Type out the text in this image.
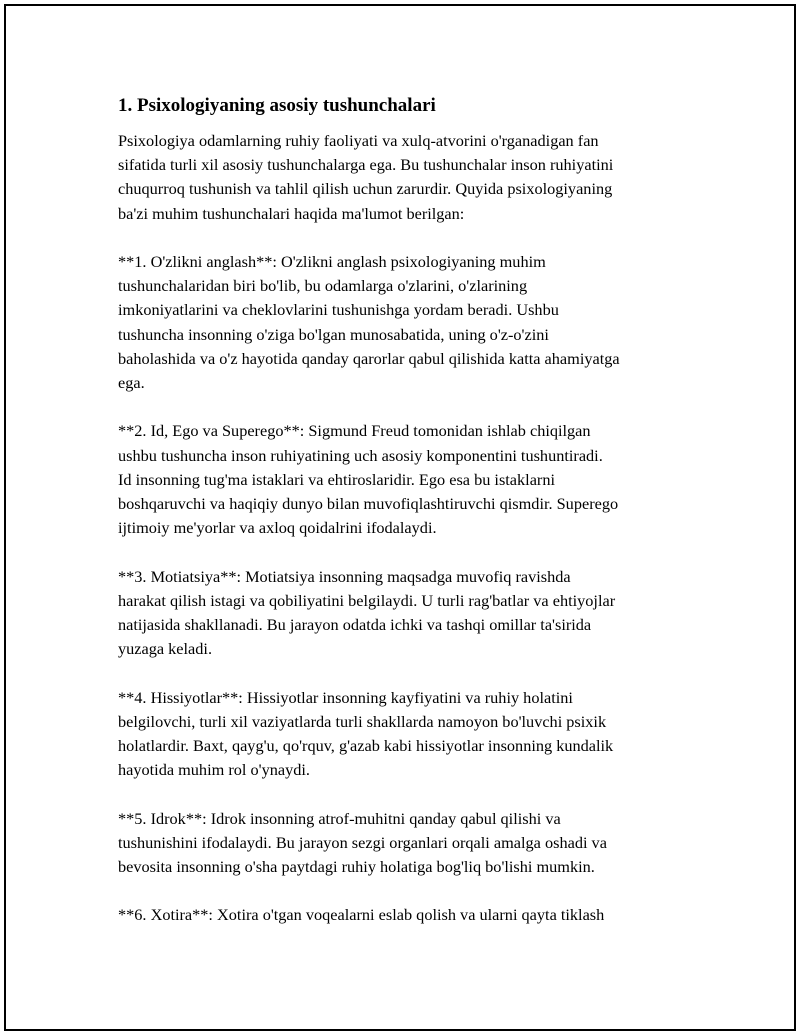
1. Psixologiyaning asosiy tushunchalari
Psixologiya odamlarning ruhiy faoliyati va xulq-atvorini o'rganadigan fan
sifatida turli xil asosiy tushunchalarga ega. Bu tushunchalar inson ruhiyatini
chuqurroq tushunish va tahlil qilish uchun zarurdir. Quyida psixologiyaning
ba'zi muhim tushunchalari haqida ma'lumot berilgan:
**1. O'zlikni anglash**: O'zlikni anglash psixologiyaning muhim
tushunchalaridan biri bo'lib, bu odamlarga o'zlarini, o'zlarining
imkoniyatlarini va cheklovlarini tushunishga yordam beradi. Ushbu
tushuncha insonning o'ziga bo'lgan munosabatida, uning o'z-o'zini
baholashida va o'z hayotida qanday qarorlar qabul qilishida katta ahamiyatga
ega.
**2. Id, Ego va Superego**: Sigmund Freud tomonidan ishlab chiqilgan
ushbu tushuncha inson ruhiyatining uch asosiy komponentini tushuntiradi.
Id insonning tug'ma istaklari va ehtiroslaridir. Ego esa bu istaklarni
boshqaruvchi va haqiqiy dunyo bilan muvofiqlashtiruvchi qismdir. Superego
ijtimoiy me'yorlar va axloq qoidalrini ifodalaydi.
**3. Motiatsiya**: Motiatsiya insonning maqsadga muvofiq ravishda
harakat qilish istagi va qobiliyatini belgilaydi. U turli rag'batlar va ehtiyojlar
natijasida shakllanadi. Bu jarayon odatda ichki va tashqi omillar ta'sirida
yuzaga keladi.
**4. Hissiyotlar**: Hissiyotlar insonning kayfiyatini va ruhiy holatini
belgilovchi, turli xil vaziyatlarda turli shakllarda namoyon bo'luvchi psixik
holatlardir. Baxt, qayg'u, qo'rquv, g'azab kabi hissiyotlar insonning kundalik
hayotida muhim rol o'ynaydi.
**5. Idrok**: Idrok insonning atrof-muhitni qanday qabul qilishi va
tushunishini ifodalaydi. Bu jarayon sezgi organlari orqali amalga oshadi va
bevosita insonning o'sha paytdagi ruhiy holatiga bog'liq bo'lishi mumkin.
**6. Xotira**: Xotira o'tgan voqealarni eslab qolish va ularni qayta tiklash
